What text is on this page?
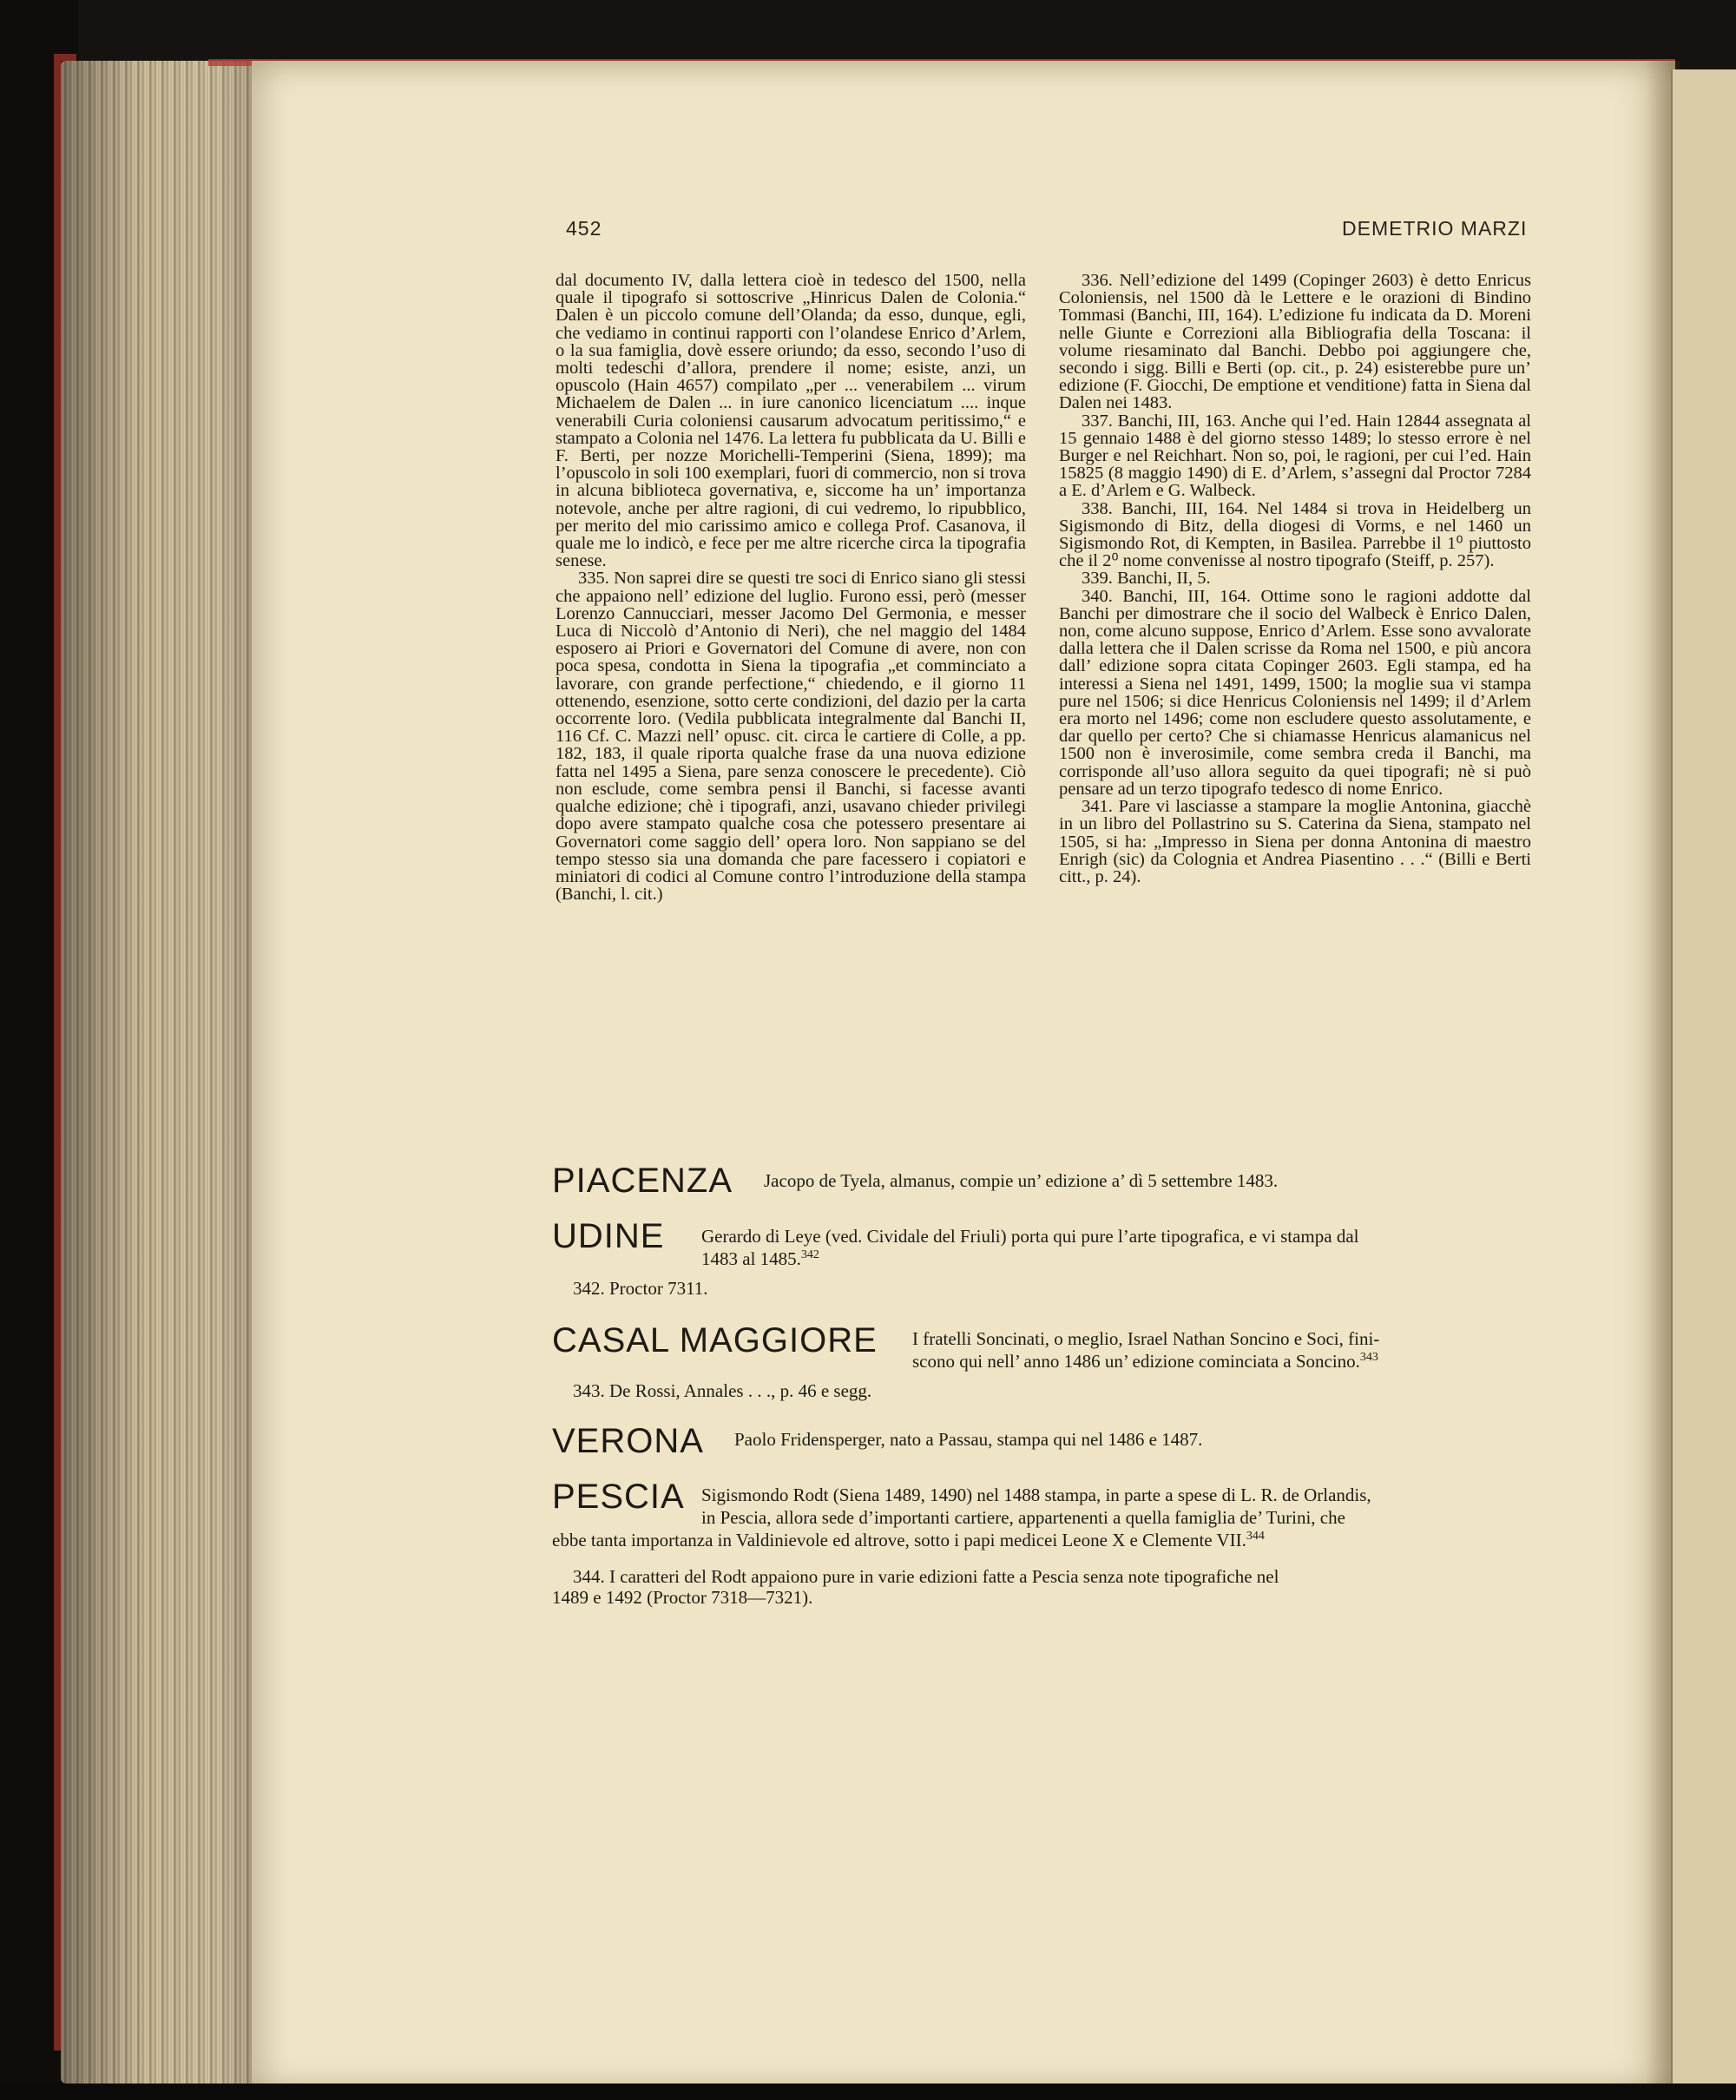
452	DEMETRIO MARZI

dal documento IV, dalla lettera cioè in tedesco del 1500, nella quale il tipografo si sottoscrive „Hinricus Dalen de Colonia.“ Dalen è un piccolo comune dell’Olanda; da esso, dunque, egli, che vediamo in continui rapporti con l’olandese Enrico d’Arlem, o la sua famiglia, dovè essere oriundo; da esso, secondo l’uso di molti tedeschi d’allora, prendere il nome; esiste, anzi, un opuscolo (Hain 4657) compilato „per ... venerabilem ... virum Michaelem de Dalen ... in iure canonico licenciatum .... inque venerabili Curia coloniensi causarum advocatum peritissimo,“ e stampato a Colonia nel 1476. La lettera fu pubblicata da U. Billi e F. Berti, per nozze Morichelli-Temperini (Siena, 1899); ma l’opuscolo in soli 100 exemplari, fuori di commercio, non si trova in alcuna biblioteca governativa, e, siccome ha un’ importanza notevole, anche per altre ragioni, di cui vedremo, lo ripubblico, per merito del mio carissimo amico e collega Prof. Casanova, il quale me lo indicò, e fece per me altre ricerche circa la tipografia senese.

335. Non saprei dire se questi tre soci di Enrico siano gli stessi che appaiono nell’ edizione del luglio. Furono essi, però (messer Lorenzo Cannucciari, messer Jacomo Del Germonia, e messer Luca di Niccolò d’Antonio di Neri), che nel maggio del 1484 esposero ai Priori e Governatori del Comune di avere, non con poca spesa, condotta in Siena la tipografia „et comminciato a lavorare, con grande perfectione,“ chiedendo, e il giorno 11 ottenendo, esenzione, sotto certe condizioni, del dazio per la carta occorrente loro. (Vedila pubblicata integralmente dal Banchi II, 116 Cf. C. Mazzi nell’ opusc. cit. circa le cartiere di Colle, a pp. 182, 183, il quale riporta qualche frase da una nuova edizione fatta nel 1495 a Siena, pare senza conoscere le precedente). Ciò non esclude, come sembra pensi il Banchi, si facesse avanti qualche edizione; chè i tipografi, anzi, usavano chieder privilegi dopo avere stampato qualche cosa che potessero presentare ai Governatori come saggio dell’ opera loro. Non sappiano se del tempo stesso sia una domanda che pare facessero i copiatori e miniatori di codici al Comune contro l’introduzione della stampa (Banchi, l. cit.)

336. Nell’edizione del 1499 (Copinger 2603) è detto Enricus Coloniensis, nel 1500 dà le Lettere e le orazioni di Bindino Tommasi (Banchi, III, 164). L’edizione fu indicata da D. Moreni nelle Giunte e Correzioni alla Bibliografia della Toscana: il volume riesaminato dal Banchi. Debbo poi aggiungere che, secondo i sigg. Billi e Berti (op. cit., p. 24) esisterebbe pure un’ edizione (F. Giocchi, De emptione et venditione) fatta in Siena dal Dalen nei 1483.

337. Banchi, III, 163. Anche qui l’ed. Hain 12844 assegnata al 15 gennaio 1488 è del giorno stesso 1489; lo stesso errore è nel Burger e nel Reichhart. Non so, poi, le ragioni, per cui l’ed. Hain 15825 (8 maggio 1490) di E. d’Arlem, s’assegni dal Proctor 7284 a E. d’Arlem e G. Walbeck.

338. Banchi, III, 164. Nel 1484 si trova in Heidelberg un Sigismondo di Bitz, della diogesi di Vorms, e nel 1460 un Sigismondo Rot, di Kempten, in Basilea. Parrebbe il 1⁰ piuttosto che il 2⁰ nome convenisse al nostro tipografo (Steiff, p. 257).

339. Banchi, II, 5.

340. Banchi, III, 164. Ottime sono le ragioni addotte dal Banchi per dimostrare che il socio del Walbeck è Enrico Dalen, non, come alcuno suppose, Enrico d’Arlem. Esse sono avvalorate dalla lettera che il Dalen scrisse da Roma nel 1500, e più ancora dall’ edizione sopra citata Copinger 2603. Egli stampa, ed ha interessi a Siena nel 1491, 1499, 1500; la moglie sua vi stampa pure nel 1506; si dice Henricus Coloniensis nel 1499; il d’Arlem era morto nel 1496; come non escludere questo assolutamente, e dar quello per certo? Che si chiamasse Henricus alamanicus nel 1500 non è inverosimile, come sembra creda il Banchi, ma corrisponde all’uso allora seguito da quei tipografi; nè si può pensare ad un terzo tipografo tedesco di nome Enrico.

341. Pare vi lasciasse a stampare la moglie Antonina, giacchè in un libro del Pollastrino su S. Caterina da Siena, stampato nel 1505, si ha: „Impresso in Siena per donna Antonina di maestro Enrigh (sic) da Colognia et Andrea Piasentino . . .“ (Billi e Berti citt., p. 24).

PIACENZA Jacopo de Tyela, almanus, compie un’ edizione a’ dì 5 settembre 1483.
UDINE Gerardo di Leye (ved. Cividale del Friuli) porta qui pure l’arte tipografica, e vi stampa dal
1483 al 1485.$^{342}$
342. Proctor 7311.
CASAL MAGGIORE I fratelli Soncinati, o meglio, Israel Nathan Soncino e Soci, fini-
scono qui nell’ anno 1486 un’ edizione cominciata a Soncino.$^{343}$
343. De Rossi, Annales . . ., p. 46 e segg.
VERONA Paolo Fridensperger, nato a Passau, stampa qui nel 1486 e 1487.
PESCIA Sigismondo Rodt (Siena 1489, 1490) nel 1488 stampa, in parte a spese di L. R. de Orlandis,
in Pescia, allora sede d’importanti cartiere, appartenenti a quella famiglia de’ Turini, che
ebbe tanta importanza in Valdinievole ed altrove, sotto i papi medicei Leone X e Clemente VII.$^{344}$
344. I caratteri del Rodt appaiono pure in varie edizioni fatte a Pescia senza note tipografiche nel
1489 e 1492 (Proctor 7318—7321).
